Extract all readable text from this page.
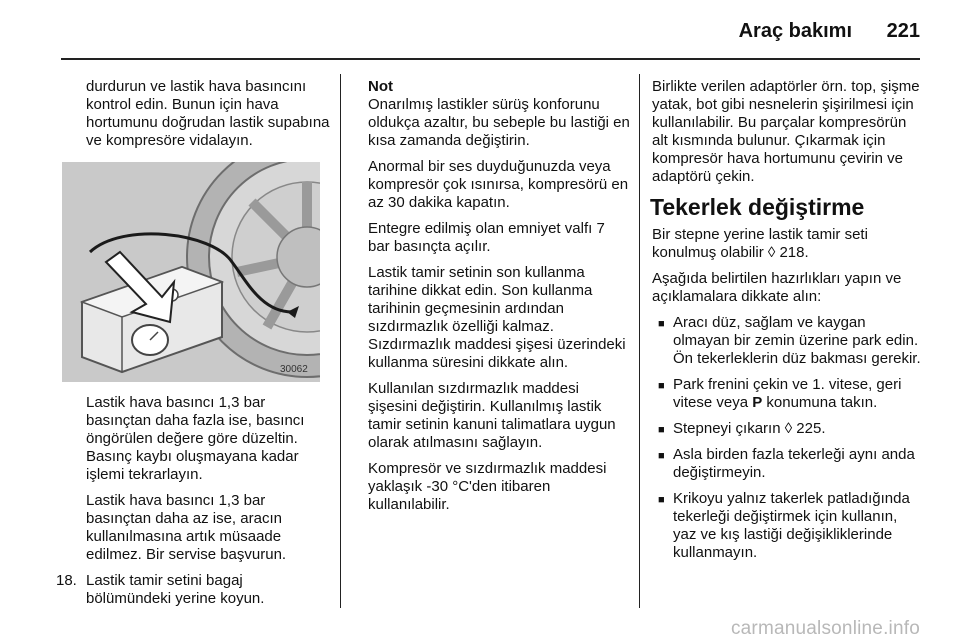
Araç bakımı 221

durdurun ve lastik hava basıncını kontrol edin. Bunun için hava hortumunu doğrudan lastik supabına ve kompresöre vidalayın.

30062

Lastik hava basıncı 1,3 bar basınçtan daha fazla ise, basıncı öngörülen değere göre düzeltin. Basınç kaybı oluşmayana kadar işlemi tekrarlayın.

Lastik hava basıncı 1,3 bar basınçtan daha az ise, aracın kullanılmasına artık müsaade edilmez. Bir servise başvurun.

18. Lastik tamir setini bagaj bölümündeki yerine koyun.
Not

Onarılmış lastikler sürüş konforunu oldukça azaltır, bu sebeple bu lastiği en kısa zamanda değiştirin.

Anormal bir ses duyduğunuzda veya kompresör çok ısınırsa, kompresörü en az 30 dakika kapatın.

Entegre edilmiş olan emniyet valfı 7 bar basınçta açılır.

Lastik tamir setinin son kullanma tarihine dikkat edin. Son kullanma tarihinin geçmesinin ardından sızdırmazlık özelliği kalmaz. Sızdırmazlık maddesi şişesi üzerindeki kullanma süresini dikkate alın.

Kullanılan sızdırmazlık maddesi şişesini değiştirin. Kullanılmış lastik tamir setinin kanuni talimatlara uygun olarak atılmasını sağlayın.

Kompresör ve sızdırmazlık maddesi yaklaşık -30 °C'den itibaren kullanılabilir.

Birlikte verilen adaptörler örn. top, şişme yatak, bot gibi nesnelerin şişirilmesi için kullanılabilir. Bu parçalar kompresörün alt kısmında bulunur. Çıkarmak için kompresör hava hortumunu çevirin ve adaptörü çekin.

Tekerlek değiştirme

Bir stepne yerine lastik tamir seti konulmuş olabilir ◊ 218.

Aşağıda belirtilen hazırlıkları yapın ve açıklamalara dikkate alın:

■ Aracı düz, sağlam ve kaygan olmayan bir zemin üzerine park edin. Ön tekerleklerin düz bakması gerekir.
■ Park frenini çekin ve 1. vitese, geri vitese veya P konumuna takın.
■ Stepneyi çıkarın ◊ 225.
■ Asla birden fazla tekerleği aynı anda değiştirmeyin.
■ Krikoyu yalnız takerlek patladığında tekerleği değiştirmek için kullanın, yaz ve kış lastiği değişikliklerinde kullanmayın.
carmanualsonline.info
